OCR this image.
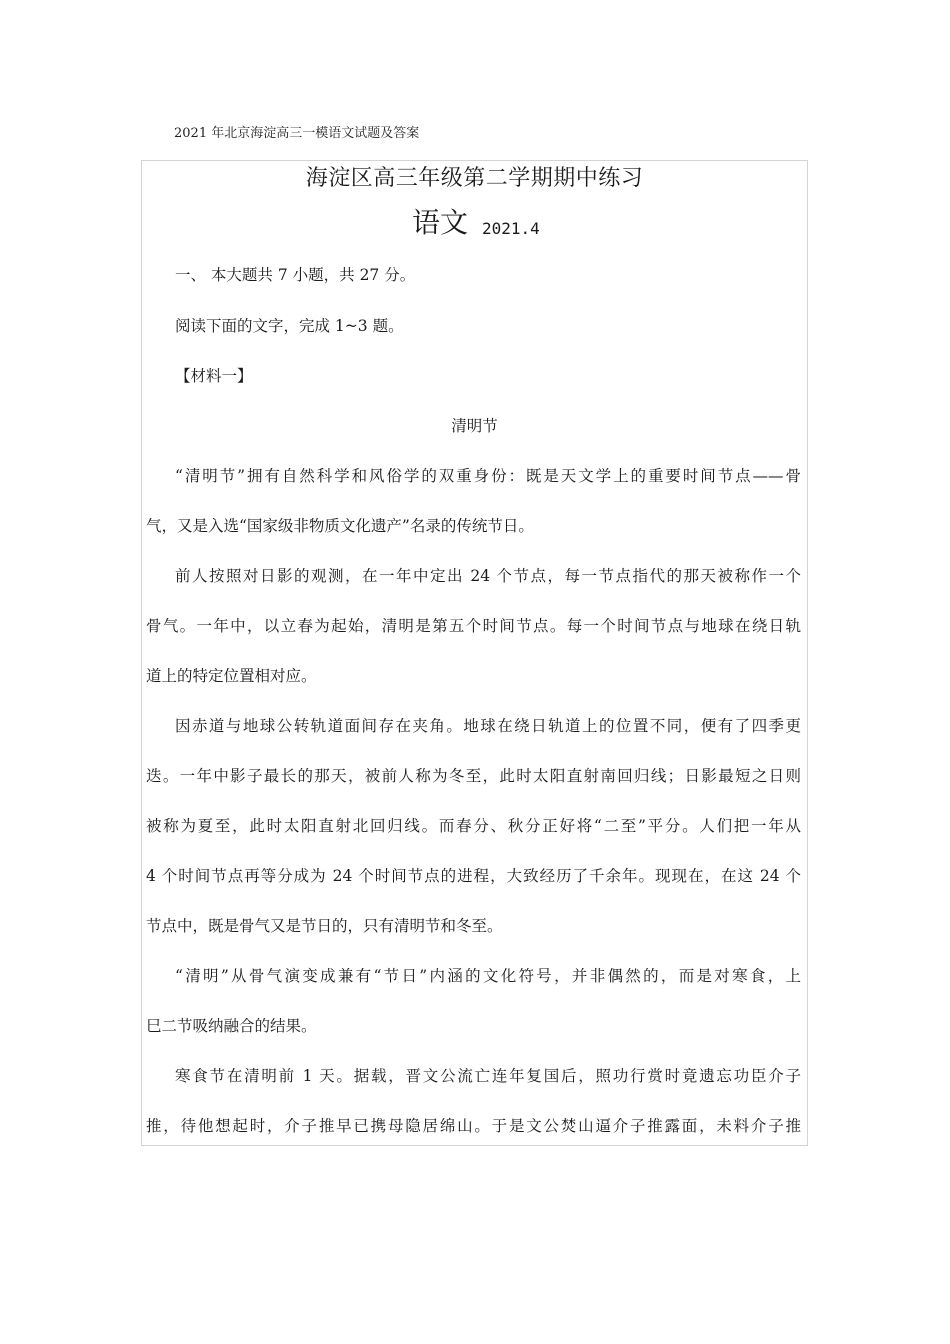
2021 年北京海淀高三一模语文试题及答案
海淀区高三年级第二学期期中练习
语文 2021.4
一、 本大题共 7 小题，共 27 分。
阅读下面的文字，完成 1~3 题。
【材料一】
清明节
“清明节”拥有自然科学和风俗学的双重身份：既是天文学上的重要时间节点——骨
气，又是入选“国家级非物质文化遗产”名录的传统节日。
前人按照对日影的观测，在一年中定出 24 个节点，每一节点指代的那天被称作一个
骨气。一年中，以立春为起始，清明是第五个时间节点。每一个时间节点与地球在绕日轨
道上的特定位置相对应。
因赤道与地球公转轨道面间存在夹角。地球在绕日轨道上的位置不同，便有了四季更
迭。一年中影子最长的那天，被前人称为冬至，此时太阳直射南回归线；日影最短之日则
被称为夏至，此时太阳直射北回归线。而春分、秋分正好将“二至”平分。人们把一年从
4 个时间节点再等分成为 24 个时间节点的进程，大致经历了千余年。现现在，在这 24 个
节点中，既是骨气又是节日的，只有清明节和冬至。
“清明”从骨气演变成兼有“节日”内涵的文化符号，并非偶然的，而是对寒食，上
巳二节吸纳融合的结果。
寒食节在清明前 1 天。据载，晋文公流亡连年复国后，照功行赏时竟遗忘功臣介子
推，待他想起时，介子推早已携母隐居绵山。于是文公焚山逼介子推露面，未料介子推
